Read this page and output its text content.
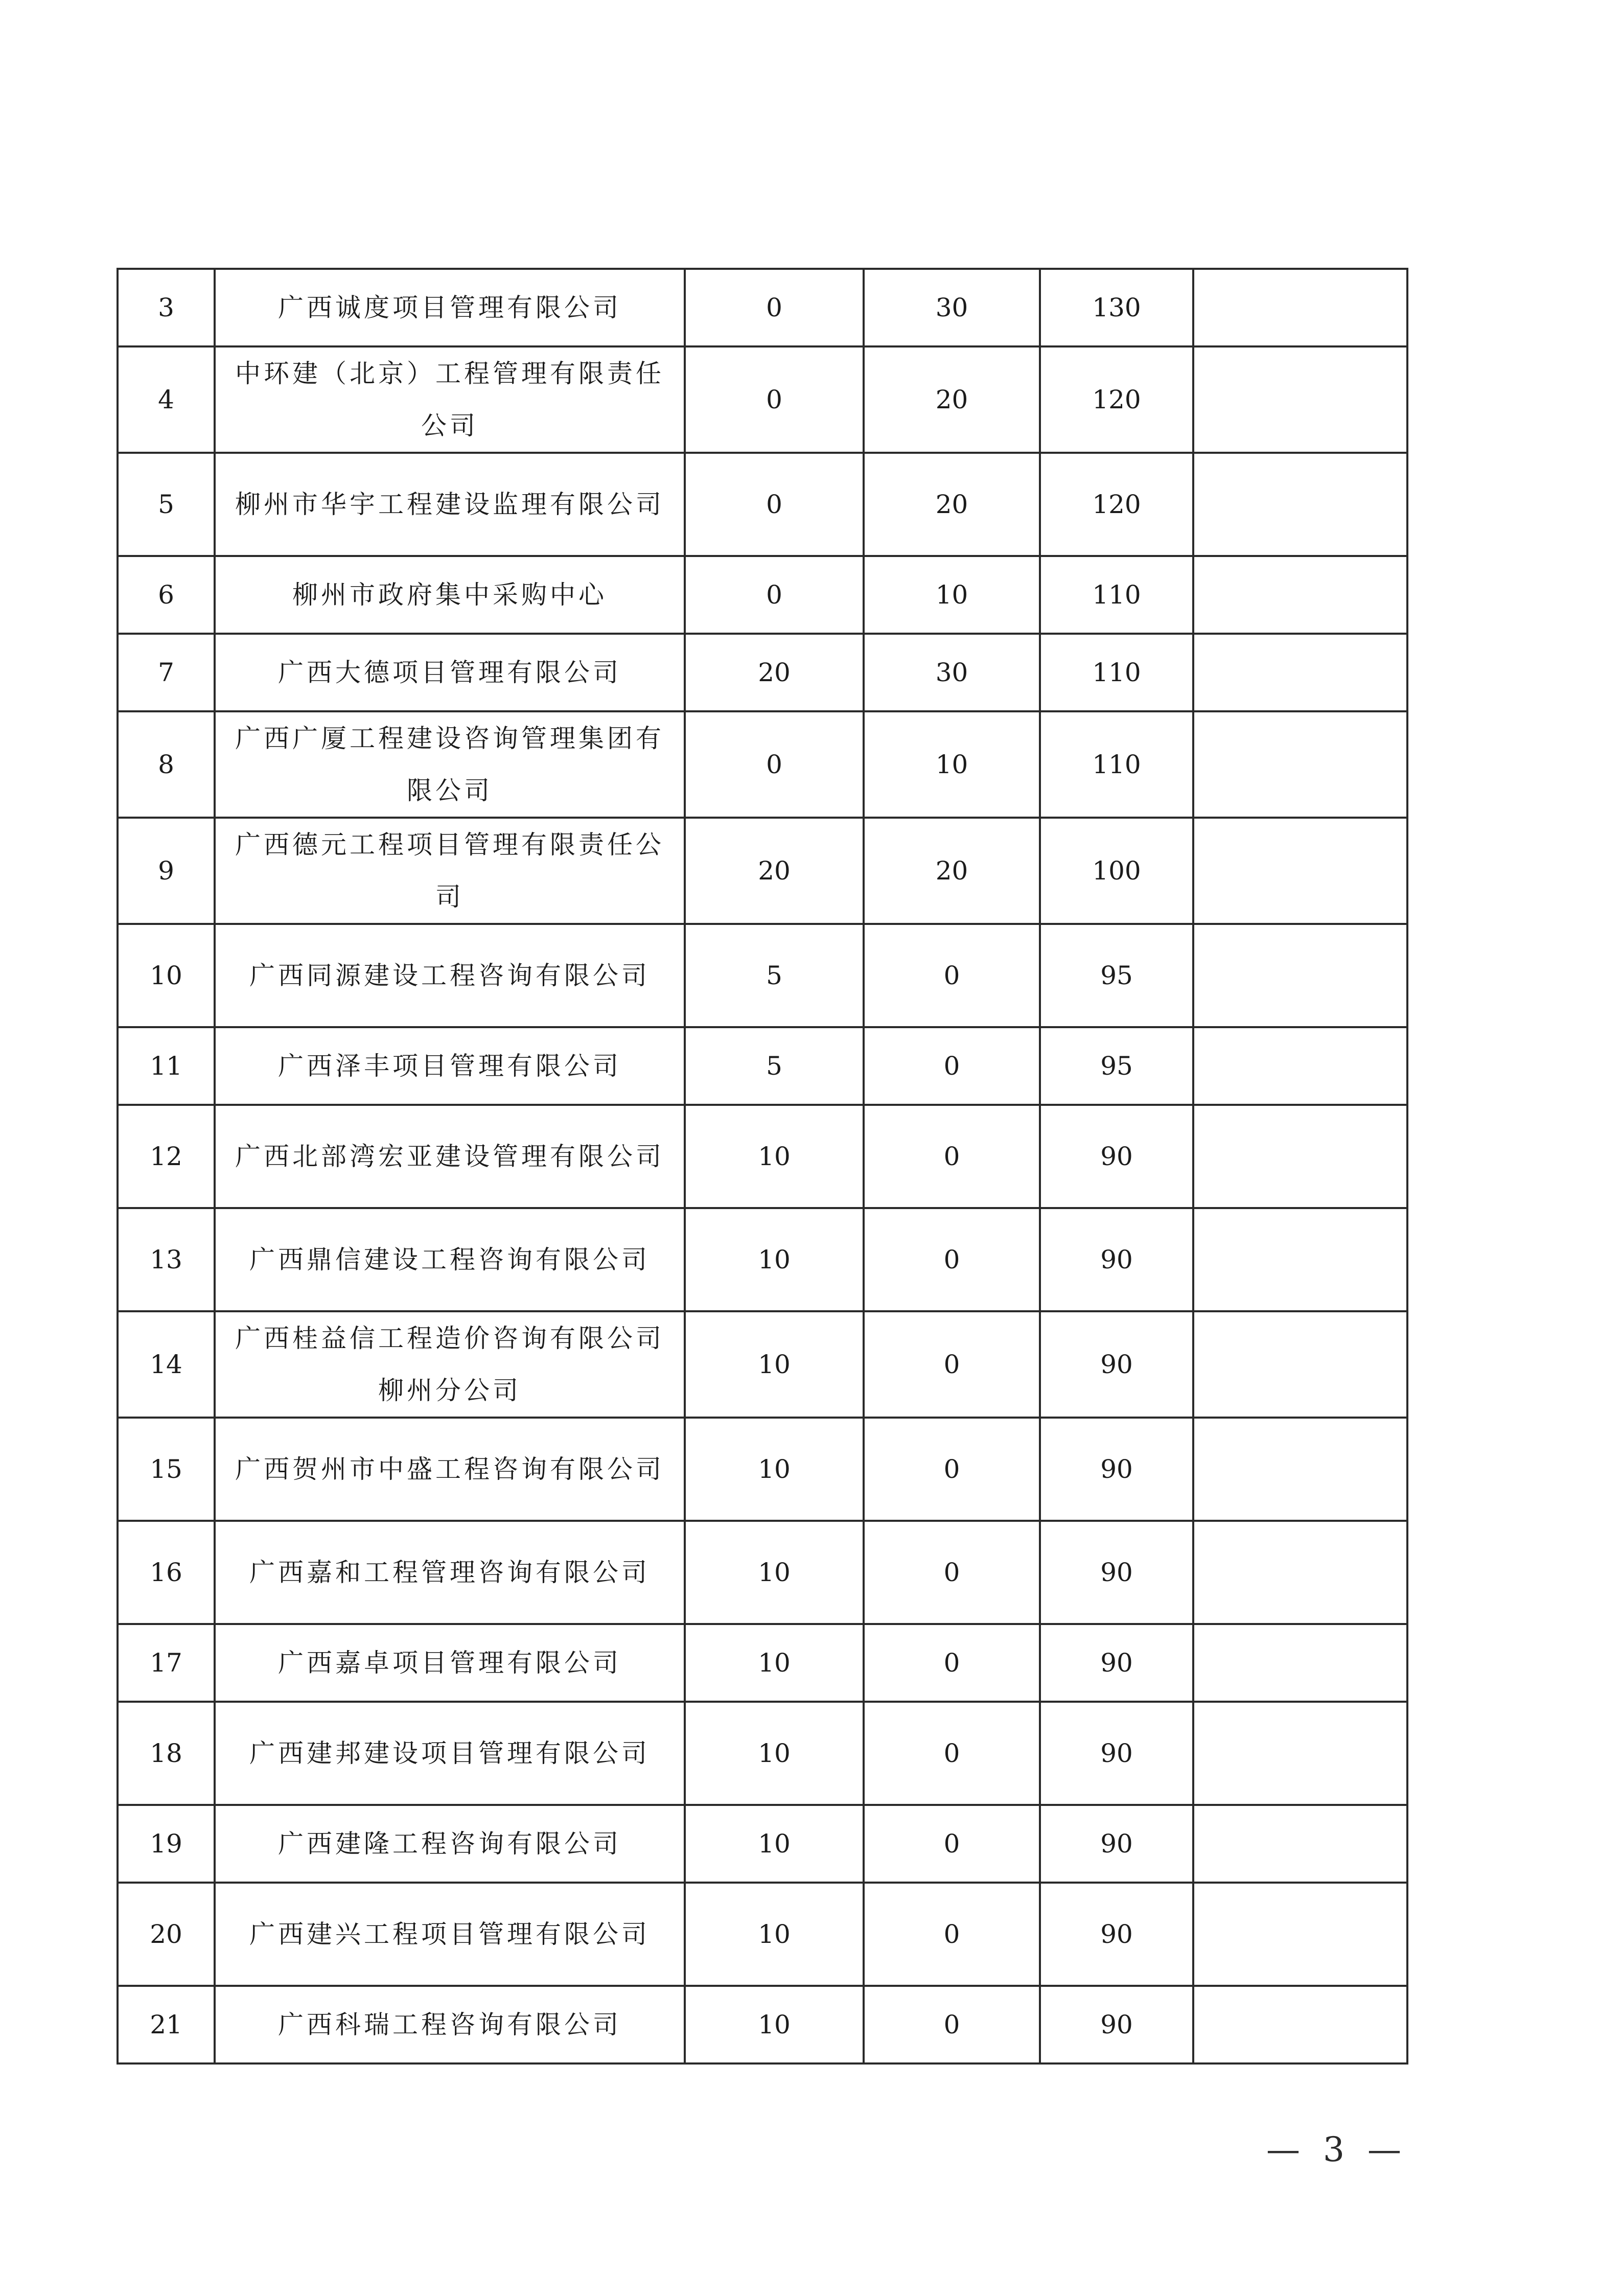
3	广西诚度项目管理有限公司	0	30	130	
4	中环建（北京）工程管理有限责任公司	0	20	120	
5	柳州市华宇工程建设监理有限公司	0	20	120	
6	柳州市政府集中采购中心	0	10	110	
7	广西大德项目管理有限公司	20	30	110	
8	广西广厦工程建设咨询管理集团有限公司	0	10	110	
9	广西德元工程项目管理有限责任公司	20	20	100	
10	广西同源建设工程咨询有限公司	5	0	95	
11	广西泽丰项目管理有限公司	5	0	95	
12	广西北部湾宏亚建设管理有限公司	10	0	90	
13	广西鼎信建设工程咨询有限公司	10	0	90	
14	广西桂益信工程造价咨询有限公司柳州分公司	10	0	90	
15	广西贺州市中盛工程咨询有限公司	10	0	90	
16	广西嘉和工程管理咨询有限公司	10	0	90	
17	广西嘉卓项目管理有限公司	10	0	90	
18	广西建邦建设项目管理有限公司	10	0	90	
19	广西建隆工程咨询有限公司	10	0	90	
20	广西建兴工程项目管理有限公司	10	0	90	
21	广西科瑞工程咨询有限公司	10	0	90	
— 3 —
